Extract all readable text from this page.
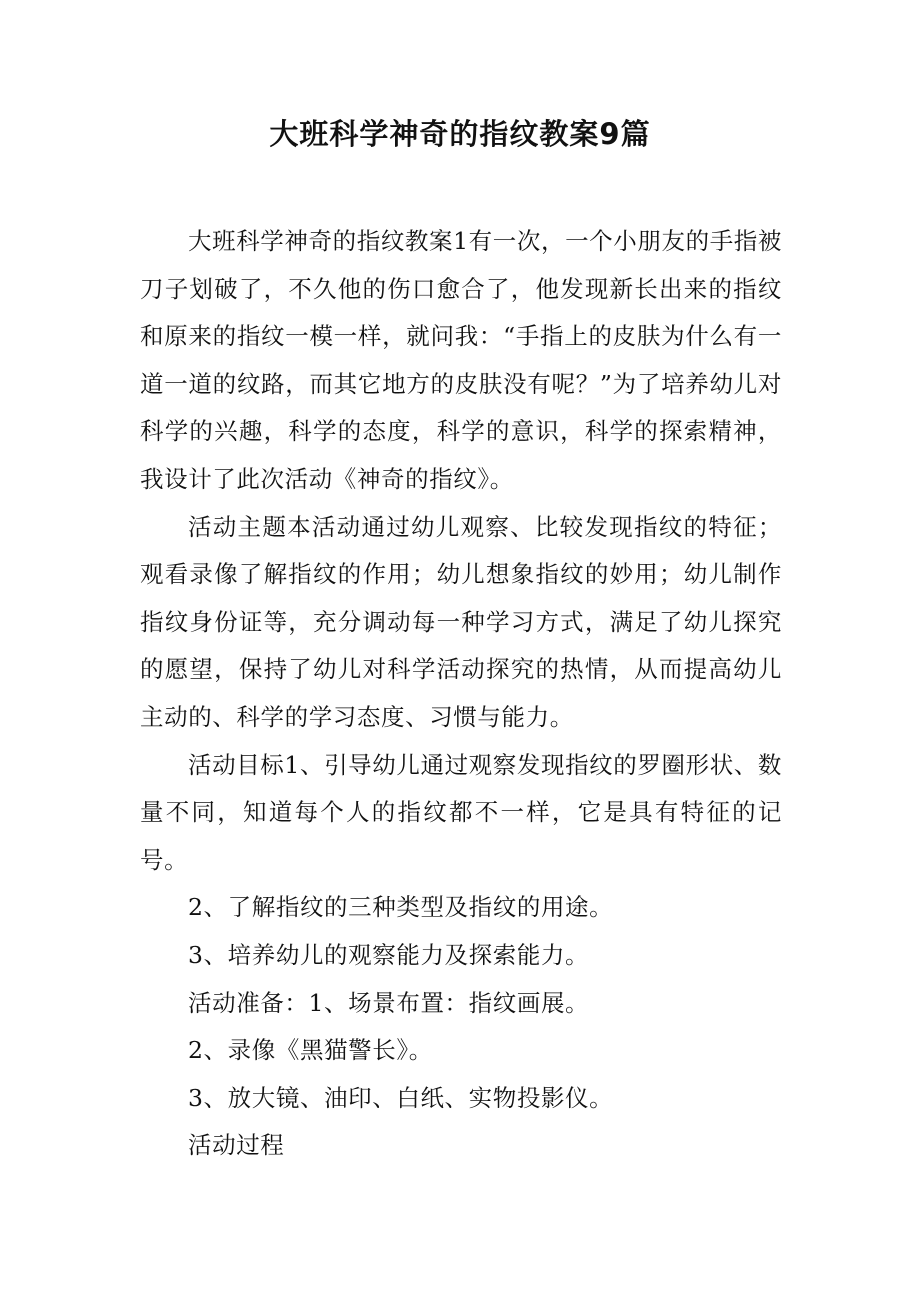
大班科学神奇的指纹教案9篇

大班科学神奇的指纹教案1有一次，一个小朋友的手指被刀子划破了，不久他的伤口愈合了，他发现新长出来的指纹和原来的指纹一模一样，就问我：“手指上的皮肤为什么有一道一道的纹路，而其它地方的皮肤没有呢？”为了培养幼儿对科学的兴趣，科学的态度，科学的意识，科学的探索精神，我设计了此次活动《神奇的指纹》。

活动主题本活动通过幼儿观察、比较发现指纹的特征；观看录像了解指纹的作用；幼儿想象指纹的妙用；幼儿制作指纹身份证等，充分调动每一种学习方式，满足了幼儿探究的愿望，保持了幼儿对科学活动探究的热情，从而提高幼儿主动的、科学的学习态度、习惯与能力。

活动目标1、引导幼儿通过观察发现指纹的罗圈形状、数量不同，知道每个人的指纹都不一样，它是具有特征的记号。

2、了解指纹的三种类型及指纹的用途。

3、培养幼儿的观察能力及探索能力。

活动准备：1、场景布置：指纹画展。

2、录像《黑猫警长》。

3、放大镜、油印、白纸、实物投影仪。

活动过程
